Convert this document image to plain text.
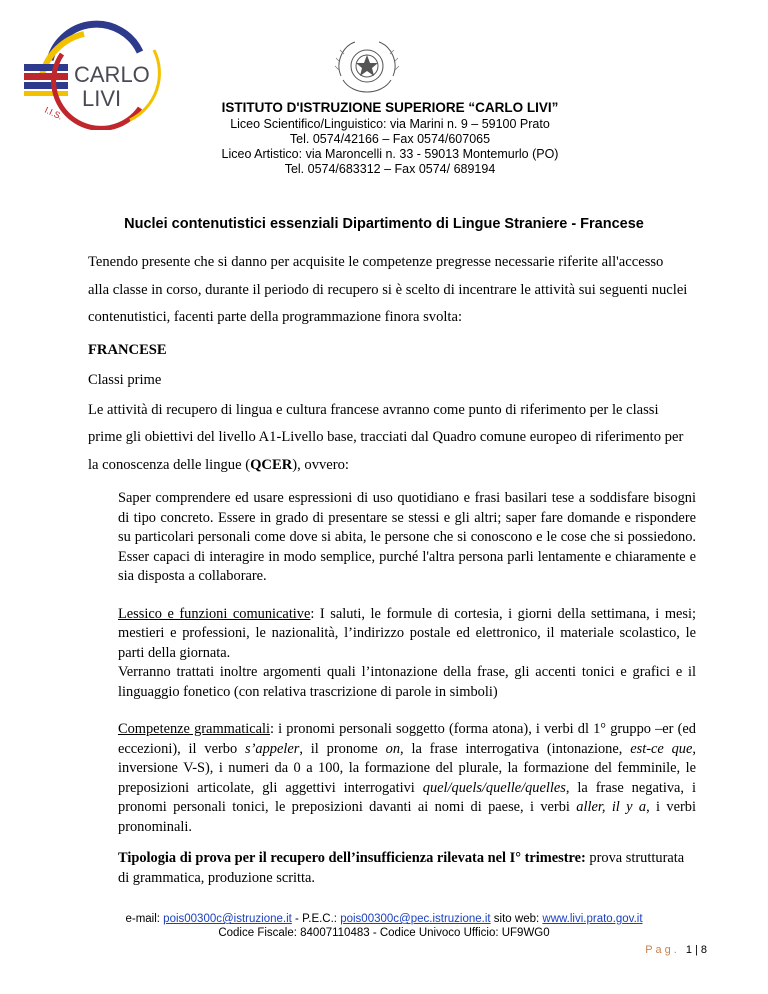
CARLO
LIVI
I.I.S.	ISTITUTO D'ISTRUZIONE SUPERIORE “CARLO LIVI”
Liceo Scientifico/Linguistico: via Marini n. 9 – 59100 Prato
Tel. 0574/42166 – Fax 0574/607065
Liceo Artistico: via Maroncelli n. 33 - 59013 Montemurlo (PO)
Tel. 0574/683312 – Fax 0574/ 689194
Nuclei contenutistici essenziali Dipartimento di Lingue Straniere - Francese

Tenendo presente che si danno per acquisite le competenze pregresse necessarie riferite all'accesso alla classe in corso, durante il periodo di recupero si è scelto di incentrare le attività sui seguenti nuclei contenutistici, facenti parte della programmazione finora svolta:

FRANCESE

Classi prime

Le attività di recupero di lingua e cultura francese avranno come punto di riferimento per le classi prime gli obiettivi del livello A1-Livello base, tracciati dal Quadro comune europeo di riferimento per la conoscenza delle lingue (QCER), ovvero:

Saper comprendere ed usare espressioni di uso quotidiano e frasi basilari tese a soddisfare bisogni di tipo concreto. Essere in grado di presentare se stessi e gli altri; saper fare domande e rispondere su particolari personali come dove si abita, le persone che si conoscono e le cose che si possiedono. Esser capaci di interagire in modo semplice, purché l'altra persona parli lentamente e chiaramente e sia disposta a collaborare.

Lessico e funzioni comunicative: I saluti, le formule di cortesia, i giorni della settimana, i mesi; mestieri e professioni, le nazionalità, l’indirizzo postale ed elettronico, il materiale scolastico, le parti della giornata.
Verranno trattati inoltre argomenti quali l’intonazione della frase, gli accenti tonici e grafici e il linguaggio fonetico (con relativa trascrizione di parole in simboli)

Competenze grammaticali: i pronomi personali soggetto (forma atona), i verbi dl 1° gruppo –er (ed eccezioni), il verbo s’appeler, il pronome on, la frase interrogativa (intonazione, est-ce que, inversione V-S), i numeri da 0 a 100, la formazione del plurale, la formazione del femminile, le preposizioni articolate, gli aggettivi interrogativi quel/quels/quelle/quelles, la frase negativa, i pronomi personali tonici, le preposizioni davanti ai nomi di paese, i verbi aller, il y a, i verbi pronominali.

Tipologia di prova per il recupero dell’insufficienza rilevata nel I° trimestre: prova strutturata di grammatica, produzione scritta.

e-mail: pois00300c@istruzione.it - P.E.C.: pois00300c@pec.istruzione.it sito web: www.livi.prato.gov.it
Codice Fiscale: 84007110483 - Codice Univoco Ufficio: UF9WG0
Pag. 1|8
